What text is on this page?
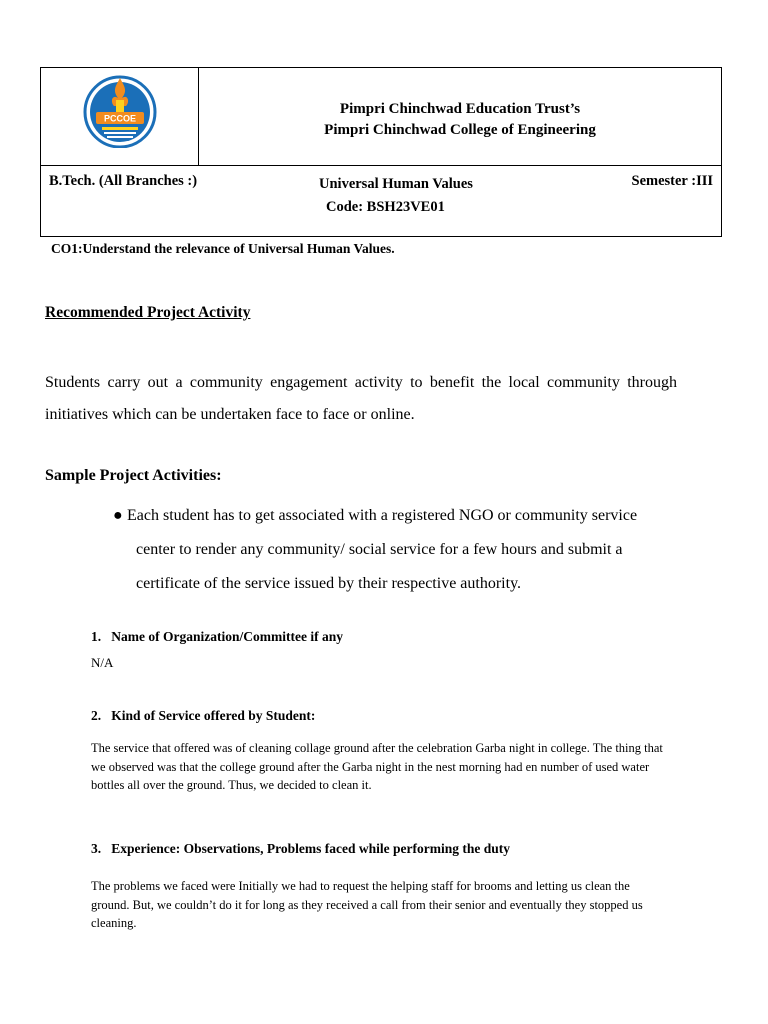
PCCOE
Pimpri Chinchwad Education Trust’s
Pimpri Chinchwad College of Engineering
B.Tech. (All Branches :)	Universal Human Values
Code: BSH23VE01
Semester :III
CO1:Understand the relevance of Universal Human Values.
Recommended Project Activity
Students carry out a community engagement activity to benefit the local community through initiatives which can be undertaken face to face or online.
Sample Project Activities:
● Each student has to get associated with a registered NGO or community service
center to render any community/ social service for a few hours and submit a
certificate of the service issued by their respective authority.
1. Name of Organization/Committee if any
N/A
2. Kind of Service offered by Student:
The service that offered was of cleaning collage ground after the celebration Garba night in college. The thing that we observed was that the college ground after the Garba night in the nest morning had en number of used water bottles all over the ground. Thus, we decided to clean it.
3. Experience: Observations, Problems faced while performing the duty
The problems we faced were Initially we had to request the helping staff for brooms and letting us clean the ground. But, we couldn’t do it for long as they received a call from their senior and eventually they stopped us cleaning.
